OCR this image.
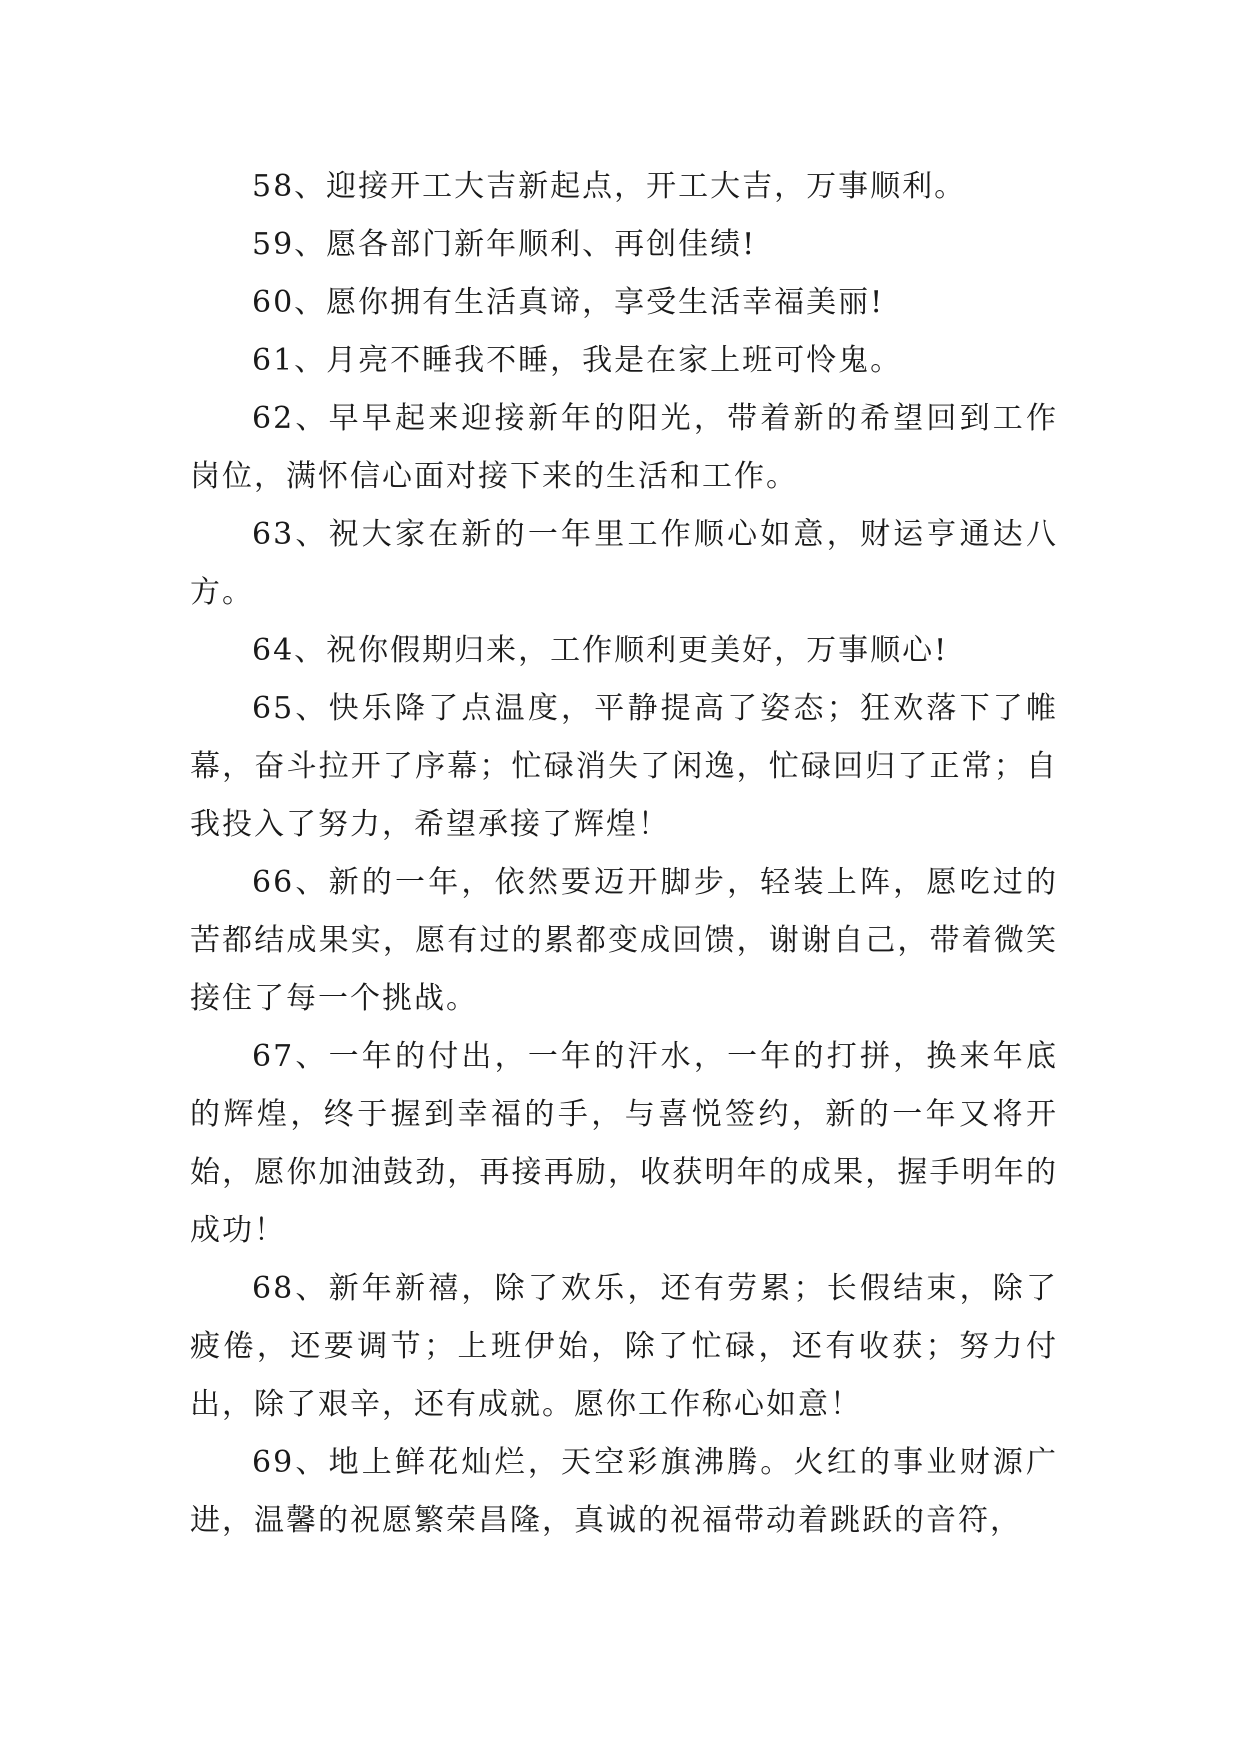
58、迎接开工大吉新起点，开工大吉，万事顺利。

59、愿各部门新年顺利、再创佳绩!

60、愿你拥有生活真谛，享受生活幸福美丽!

61、月亮不睡我不睡，我是在家上班可怜鬼。

62、早早起来迎接新年的阳光，带着新的希望回到工作岗位，满怀信心面对接下来的生活和工作。

63、祝大家在新的一年里工作顺心如意，财运亨通达八方。

64、祝你假期归来，工作顺利更美好，万事顺心!

65、快乐降了点温度，平静提高了姿态；狂欢落下了帷幕，奋斗拉开了序幕；忙碌消失了闲逸，忙碌回归了正常；自我投入了努力，希望承接了辉煌！

66、新的一年，依然要迈开脚步，轻装上阵，愿吃过的苦都结成果实，愿有过的累都变成回馈，谢谢自己，带着微笑接住了每一个挑战。

67、一年的付出，一年的汗水，一年的打拼，换来年底的辉煌，终于握到幸福的手，与喜悦签约，新的一年又将开始，愿你加油鼓劲，再接再励，收获明年的成果，握手明年的成功！

68、新年新禧，除了欢乐，还有劳累；长假结束，除了疲倦，还要调节；上班伊始，除了忙碌，还有收获；努力付出，除了艰辛，还有成就。愿你工作称心如意！

69、地上鲜花灿烂，天空彩旗沸腾。火红的事业财源广进，温馨的祝愿繁荣昌隆，真诚的祝福带动着跳跃的音符，
